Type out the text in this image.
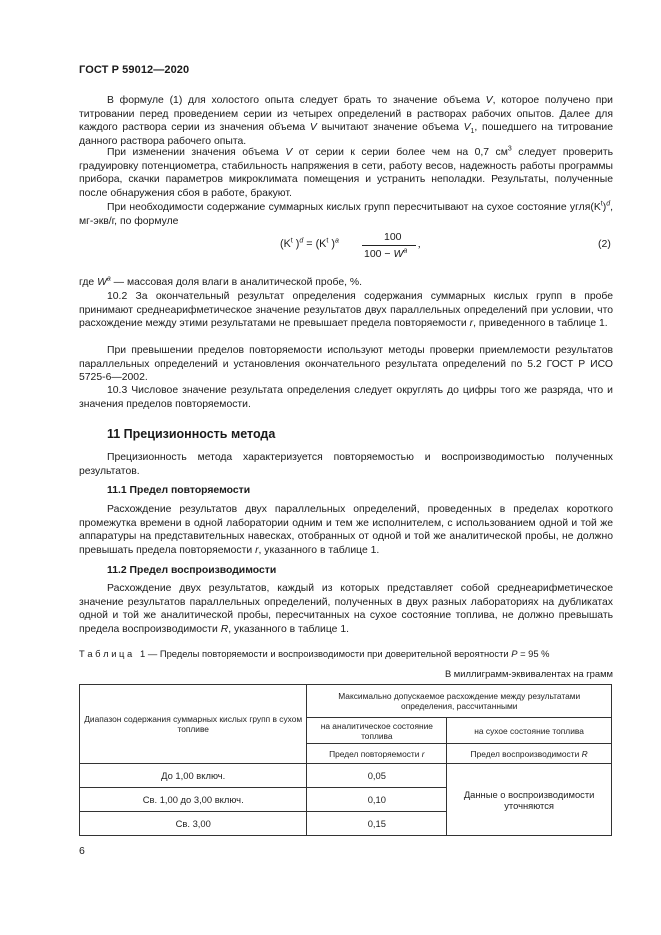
ГОСТ Р 59012—2020

В формуле (1) для холостого опыта следует брать то значение объема V, которое получено при титровании перед проведением серии из четырех определений в растворах рабочих опытов. Далее для каждого раствора серии из значения объема V вычитают значение объема $V_1$, пошедшего на титрование данного раствора рабочего опыта.

При изменении значения объема V от серии к серии более чем на 0,7 $см^3$ следует проверить градуировку потенциометра, стабильность напряжения в сети, работу весов, надежность работы программы прибора, скачки параметров микроклимата помещения и устранить неполадки. Результаты, полученные после обнаружения сбоя в работе, бракуют.

При необходимости содержание суммарных кислых групп пересчитывают на сухое состояние $угля(K^t)^d$, мг-экв/г, по формуле

($K^t$ )$^d = (K^t$ )$^a$	100
$100 - W^a$
,	(2)

где $W^a$ — массовая доля влаги в аналитической пробе, %.

10.2 За окончательный результат определения содержания суммарных кислых групп в пробе принимают среднеарифметическое значение результатов двух параллельных определений при условии, что расхождение между этими результатами не превышает предела повторяемости r, приведенного в таблице 1.

При превышении пределов повторяемости используют методы проверки приемлемости результатов параллельных определений и установления окончательного результата определений по 5.2 ГОСТ Р ИСО 5725-6—2002.

10.3 Числовое значение результата определения следует округлять до цифры того же разряда, что и значения пределов повторяемости.

11 Прецизионность метода

Прецизионность метода характеризуется повторяемостью и воспроизводимостью полученных результатов.

11.1 Предел повторяемости

Расхождение результатов двух параллельных определений, проведенных в пределах короткого промежутка времени в одной лаборатории одним и тем же исполнителем, с использованием одной и той же аппаратуры на представительных навесках, отобранных от одной и той же аналитической пробы, не должно превышать предела повторяемости r, указанного в таблице 1.

11.2 Предел воспроизводимости

Расхождение двух результатов, каждый из которых представляет собой среднеарифметическое значение результатов параллельных определений, полученных в двух разных лабораториях на дубликатах одной и той же аналитической пробы, пересчитанных на сухое состояние топлива, не должно превышать предела воспроизводимости R, указанного в таблице 1.

Т а б л и ц а   1 — Пределы повторяемости и воспроизводимости при доверительной вероятности P = 95 %
В миллиграмм-эквивалентах на грамм
Диапазон содержания суммарных кислых групп в сухом топливе	Максимально допускаемое расхождение между результатами определения, рассчитанными	
	на аналитическое состояние топлива	на сухое состояние топлива
	Предел повторяемости r	Предел воспроизводимости R
До 1,00 включ.	0,05	Данные о воспроизводимости уточняются
Св. 1,00 до 3,00 включ.	0,10	
Св. 3,00	0,15	
6
